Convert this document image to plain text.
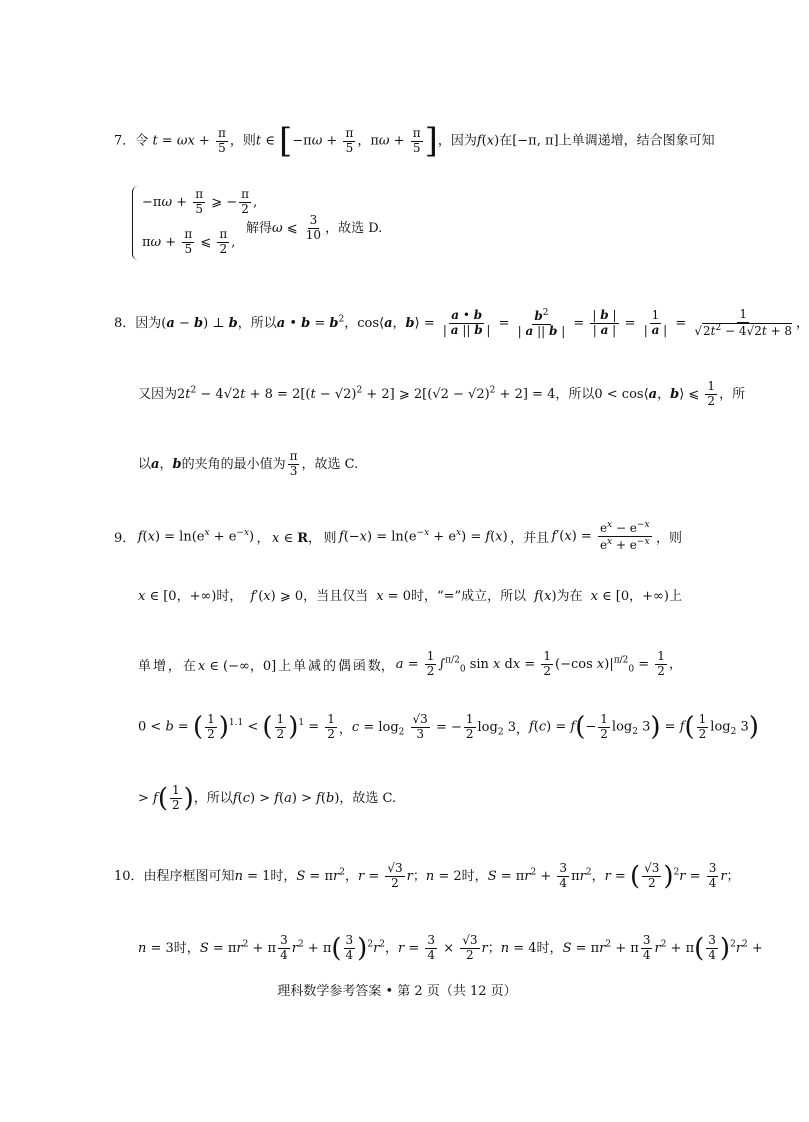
7．令 $t = \omega x + \frac{\pi}{5}$ ，则t ∈ [$-\pi\omega + \frac{\pi}{5}$ ，$\pi\omega + \frac{\pi}{5}$ ]，因为f(x)在[−π, π]上单调递增，结合图象可知
$-\pi\omega + \frac{\pi}{5}$ ⩾ − $\frac{\pi}{2}$ ,
$\pi\omega + \frac{\pi}{5}$ ⩽ $\frac{\pi}{2}$ ,
解得ω ⩽ $\frac{3}{10}$ ，故选 D.
8．因为(a − b) ⊥ b，所以a • $b = b^2$，cos⟨a，b⟩ = $\frac{a • b}{| a || b |} = \frac{b^2}{| a || b |} = \frac{| b |}{| a |} = \frac{1}{| a |} = \frac{1}{√2t^2 - 4√2t + 8}$ ，
又因为$2t^2 - 4√2t + 8 = 2[(t - √2)^2 + 2]$ ⩾ $2[(√2 - √2)^2 + 2] = 4$，所以0 < cos⟨a，b⟩ ⩽ $\frac{1}{2}$ ，所
以a，b的夹角的最小值为 $\frac{\pi}{3}$ ，故选 C.
9． $f(x) = \ln(e^x + e^{-x})$ ， x ∈ R， 则 $f(-x) = \ln(e^{-x} + e^x) = f(x)$ ，并且 $f'(x) = \frac{e^x - e^{-x}}{e^x + e^{-x}}$ ，则
x ∈ [0，+∞)时， f′(x) ⩾ 0，当且仅当 x = 0时，“=”成立，所以 f(x)为在 x ∈ [0，+∞)上
单 增 ， 在 x ∈ (−∞，0] 上 单 减 的 偶 函 数， $a = \frac{1}{2} \int^{\pi/2}_0$ sin x dx = $\frac{1}{2} (-\cos$ $x)|^{\pi/2}_0 = \frac{1}{2}$ ，
0 < b = ( $\frac{1}{2} )^{1.1}$ < ( $\frac{1}{2} )^1 = \frac{1}{2}$ ， $c = \log_2 \frac{√3}{3}$ = − $\frac{1}{2} \log_2 3$ ， $f(c) = f(- \frac{1}{2} \log_2 3) = f( \frac{1}{2} \log_2 3)$
> $f( \frac{1}{2}$ )，所以f(c) > f(a) > f(b)，故选 C.
10．由程序框图可知n = 1时，$S = \pi r^2$，$r = \frac{√3}{2}$ r；n = 2时，$S = \pi r^2 + \frac{3}{4} \pi r^2$，r = ( $\frac{√3}{2} )^2r = \frac{3}{4}$ r；
n = 3时，$S = \pi r^2 + \pi \frac{3}{4} r^2 + \pi( \frac{3}{4} )^2r^2$，$r = \frac{3}{4} \times \frac{√3}{2}$ r；n = 4时，$S = \pi r^2 + \pi \frac{3}{4} r^2 + \pi( \frac{3}{4} )^2r^2$ +
理科数学参考答案 • 第 2 页（共 12 页）
